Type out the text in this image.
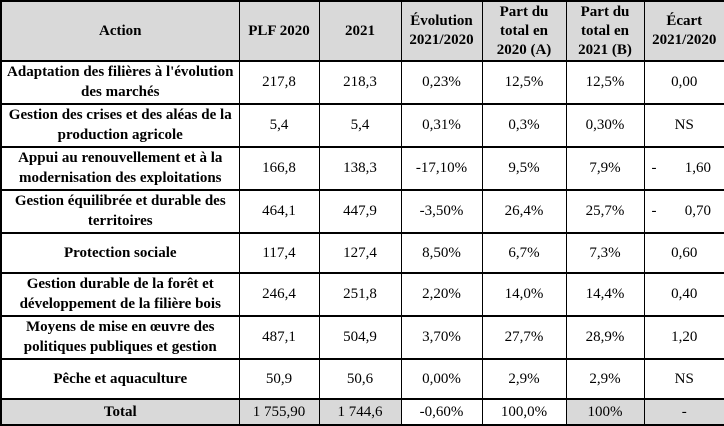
Action	PLF 2020	2021	Évolution 2021/2020	Part du total en 2020 (A)	Part du total en 2021 (B)	Écart 2021/2020
Adaptation des filières à l'évolution des marchés	217,8	218,3	0,23%	12,5%	12,5%	0,00
Gestion des crises et des aléas de la production agricole	5,4	5,4	0,31%	0,3%	0,30%	NS
Appui au renouvellement et à la modernisation des exploitations	166,8	138,3	-17,10%	9,5%	7,9%	- 1,60

Gestion équilibrée et durable des territoires	464,1	447,9	-3,50%	26,4%	25,7%	- 0,70

Protection sociale	117,4	127,4	8,50%	6,7%	7,3%	0,60
Gestion durable de la forêt et développement de la filière bois	246,4	251,8	2,20%	14,0%	14,4%	0,40
Moyens de mise en œuvre des politiques publiques et gestion	487,1	504,9	3,70%	27,7%	28,9%	1,20
Pêche et aquaculture	50,9	50,6	0,00%	2,9%	2,9%	NS
Total	1 755,90	1 744,6	-0,60%	100,0%	100%	-
